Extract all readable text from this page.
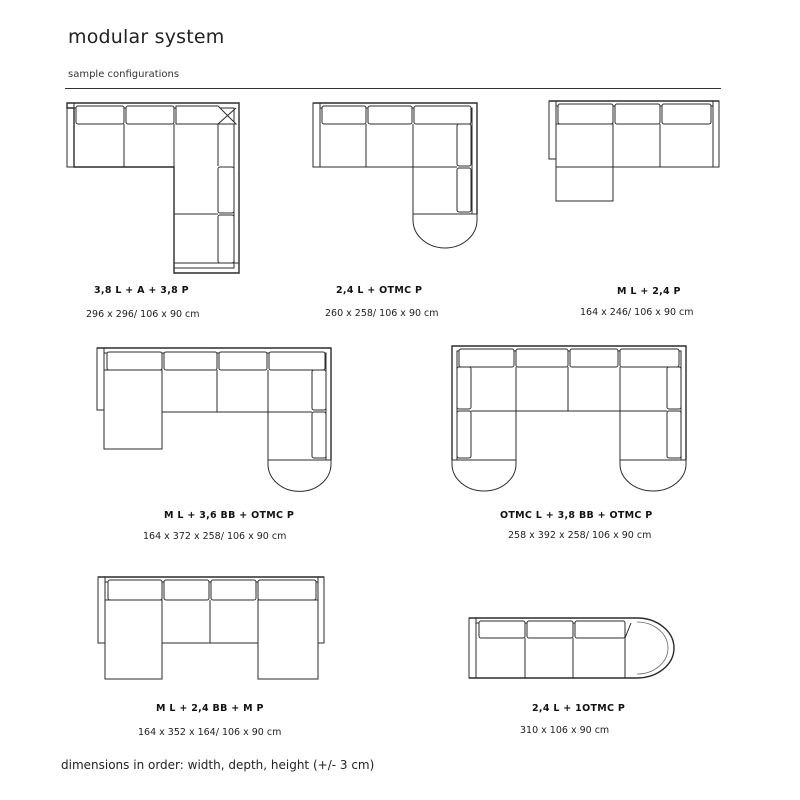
modular system
sample configurations
3,8 L + A + 3,8 P
296 x 296/ 106 x 90 cm
2,4 L + OTMC P
260 x 258/ 106 x 90 cm
M L + 2,4 P
164 x 246/ 106 x 90 cm
M L + 3,6 BB + OTMC P
164 x 372 x 258/ 106 x 90 cm
OTMC L + 3,8 BB + OTMC P
258 x 392 x 258/ 106 x 90 cm
M L + 2,4 BB + M P
164 x 352 x 164/ 106 x 90 cm
2,4 L + 1OTMC P
310 x 106 x 90 cm
dimensions in order: width, depth, height (+/- 3 cm)
